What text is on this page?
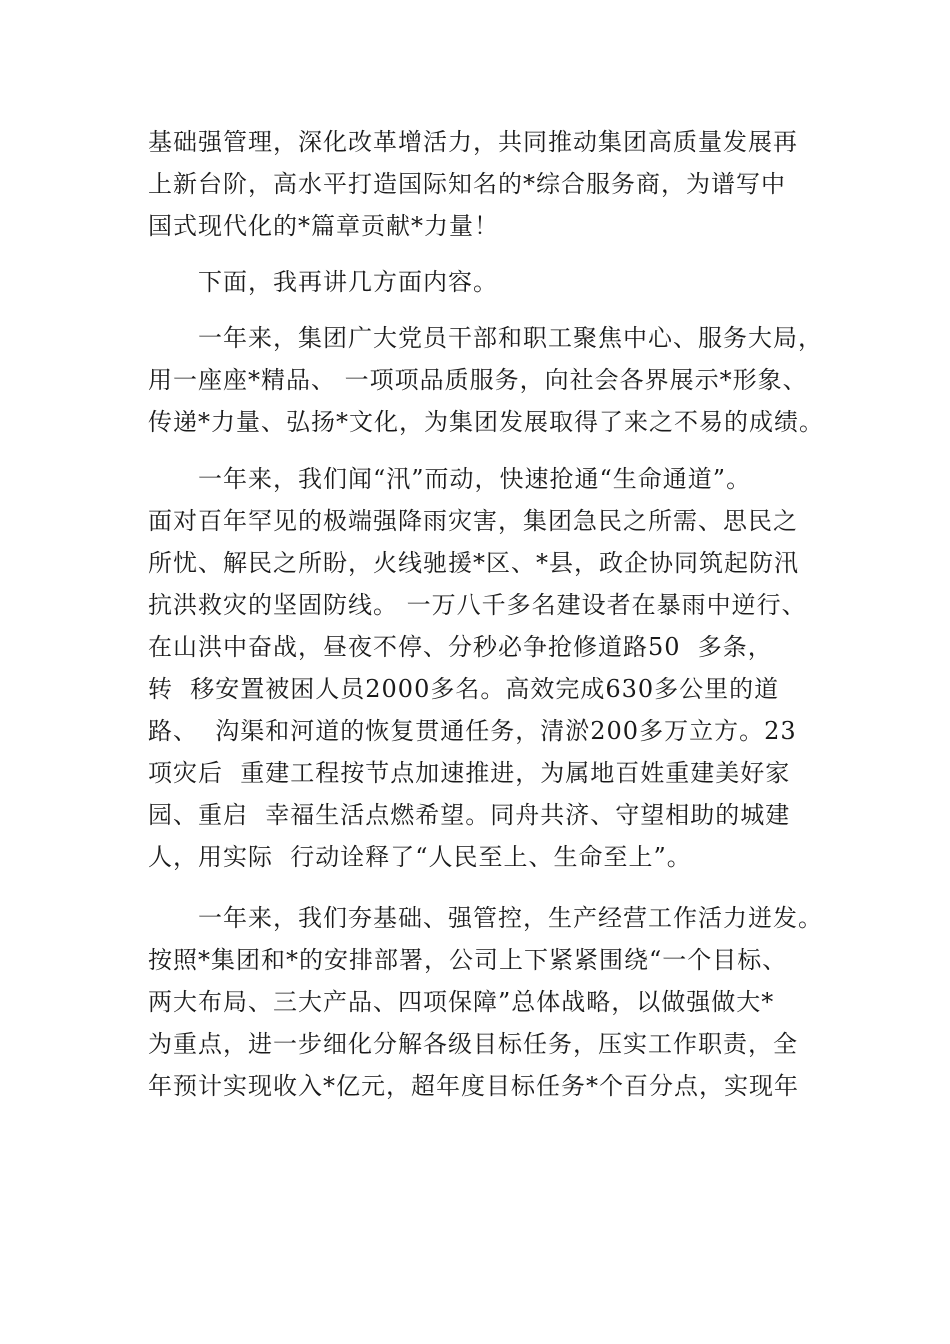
基础强管理，深化改革增活力，共同推动集团高质量发展再
上新台阶，高水平打造国际知名的*综合服务商，为谱写中
国式现代化的*篇章贡献*力量！
下面，我再讲几方面内容。
一年来，集团广大党员干部和职工聚焦中心、服务大局，
用一座座*精品、 一项项品质服务，向社会各界展示*形象、
传递*力量、弘扬*文化，为集团发展取得了来之不易的成绩。
一年来，我们闻“汛”而动，快速抢通“生命通道”。
面对百年罕见的极端强降雨灾害，集团急民之所需、思民之
所忧、解民之所盼，火线驰援*区、*县，政企协同筑起防汛
抗洪救灾的坚固防线。 一万八千多名建设者在暴雨中逆行、
在山洪中奋战，昼夜不停、分秒必争抢修道路50  多条，
转  移安置被困人员2000多名。高效完成630多公里的道
路、  沟渠和河道的恢复贯通任务，清淤200多万立方。23
项灾后  重建工程按节点加速推进，为属地百姓重建美好家
园、重启  幸福生活点燃希望。同舟共济、守望相助的城建
人，用实际  行动诠释了“人民至上、生命至上”。
一年来，我们夯基础、强管控，生产经营工作活力迸发。
按照*集团和*的安排部署，公司上下紧紧围绕“一个目标、
两大布局、三大产品、四项保障”总体战略，以做强做大*
为重点，进一步细化分解各级目标任务，压实工作职责，全
年预计实现收入*亿元，超年度目标任务*个百分点，实现年
